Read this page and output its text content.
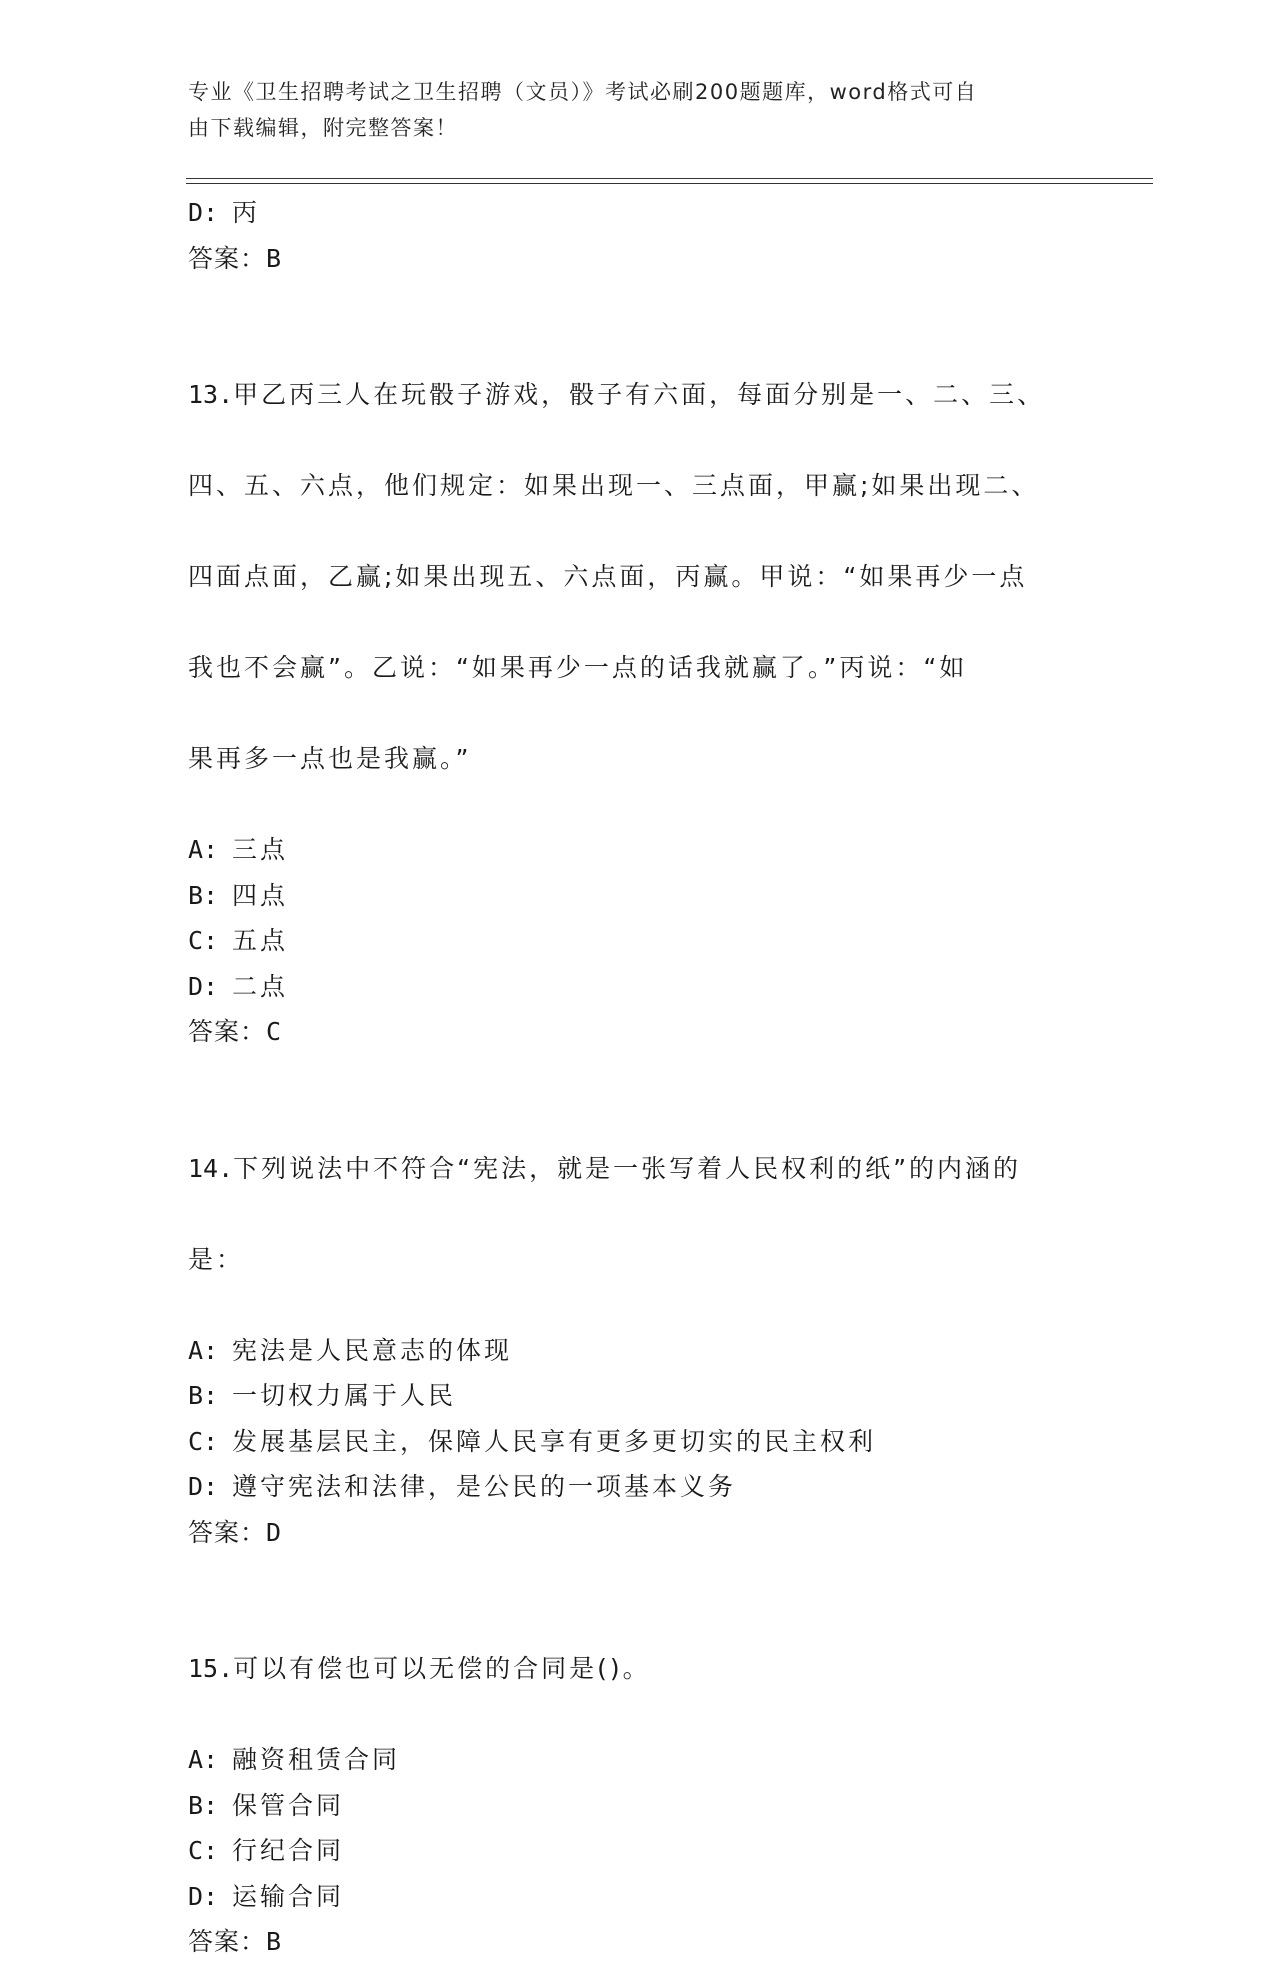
专业《卫生招聘考试之卫生招聘（文员）》考试必刷200题题库，word格式可自
由下载编辑，附完整答案！
D: 丙
答案：B

13.甲乙丙三人在玩骰子游戏，骰子有六面，每面分别是一、二、三、

四、五、六点，他们规定：如果出现一、三点面，甲赢;如果出现二、

四面点面，乙赢;如果出现五、六点面，丙赢。甲说：“如果再少一点

我也不会赢”。乙说：“如果再少一点的话我就赢了。”丙说：“如

果再多一点也是我赢。”

A: 三点
B: 四点
C: 五点
D: 二点
答案：C

14.下列说法中不符合“宪法，就是一张写着人民权利的纸”的内涵的

是：

A: 宪法是人民意志的体现
B: 一切权力属于人民
C: 发展基层民主，保障人民享有更多更切实的民主权利
D: 遵守宪法和法律，是公民的一项基本义务
答案：D

15.可以有偿也可以无偿的合同是()。

A: 融资租赁合同
B: 保管合同
C: 行纪合同
D: 运输合同
答案：B
